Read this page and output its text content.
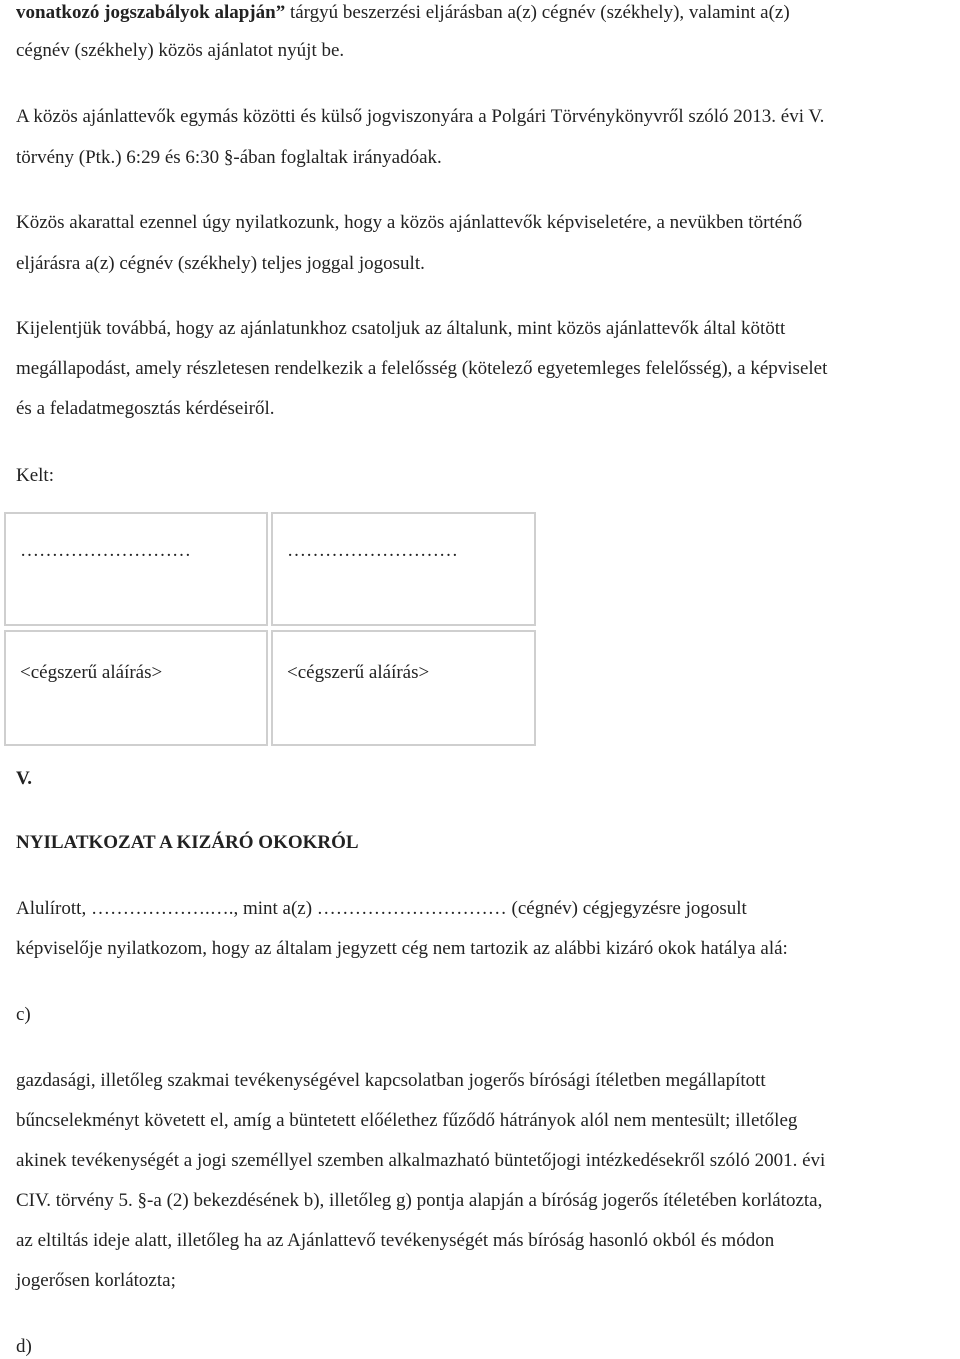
vonatkozó jogszabályok alapján” tárgyú beszerzési eljárásban a(z) cégnév (székhely), valamint a(z)
cégnév (székhely) közös ajánlatot nyújt be.
A közös ajánlattevők egymás közötti és külső jogviszonyára a Polgári Törvénykönyvről szóló 2013. évi V.
törvény (Ptk.) 6:29 és 6:30 §-ában foglaltak irányadóak.
Közös akarattal ezennel úgy nyilatkozunk, hogy a közös ajánlattevők képviseletére, a nevükben történő
eljárásra a(z) cégnév (székhely) teljes joggal jogosult.
Kijelentjük továbbá, hogy az ajánlatunkhoz csatoljuk az általunk, mint közös ajánlattevők által kötött
megállapodást, amely részletesen rendelkezik a felelősség (kötelező egyetemleges felelősség), a képviselet
és a feladatmegosztás kérdéseiről.
Kelt:
………………………	………………………
<cégszerű aláírás>	<cégszerű aláírás>
V.
NYILATKOZAT A KIZÁRÓ OKOKRÓL
Alulírott, ……………….…., mint a(z) ………………………… (cégnév) cégjegyzésre jogosult
képviselője nyilatkozom, hogy az általam jegyzett cég nem tartozik az alábbi kizáró okok hatálya alá:
c)
gazdasági, illetőleg szakmai tevékenységével kapcsolatban jogerős bírósági ítéletben megállapított
bűncselekményt követett el, amíg a büntetett előélethez fűződő hátrányok alól nem mentesült; illetőleg
akinek tevékenységét a jogi személlyel szemben alkalmazható büntetőjogi intézkedésekről szóló 2001. évi
CIV. törvény 5. §-a (2) bekezdésének b), illetőleg g) pontja alapján a bíróság jogerős ítéletében korlátozta,
az eltiltás ideje alatt, illetőleg ha az Ajánlattevő tevékenységét más bíróság hasonló okból és módon
jogerősen korlátozta;
d)
